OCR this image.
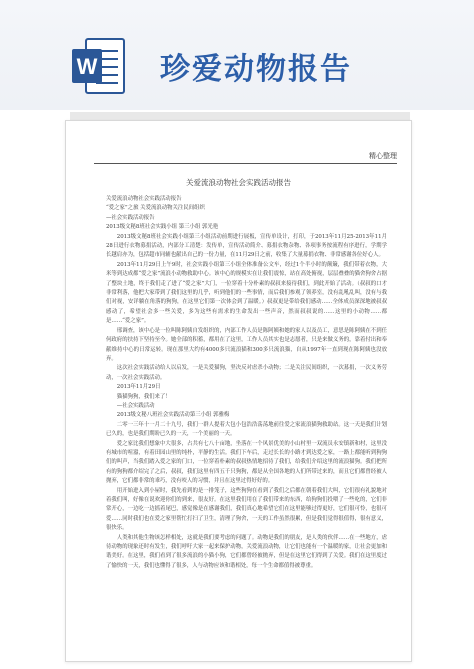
W 珍爱动物报告
精心整理
关爱流浪动物社会实践活动报告

关爱流浪动物社会实践活动报告

“爱之家”之旅 关爱流浪动物关注民间组织

—社会实践活动报告

2013级文秘8班社会实践小组 第三小组 郭光艳

2013级文秘8班社会实践小组第三小组活动前期进行展板，宣传单设计，打印，于2013年11月25-2013年11月28日进行衣物募捐活动，内部分工清楚：发传单，宣传活动简介、募捐衣物杂物、各项事务按流程有序进行，学期学长越肩亦为，包括超市同辅也献出自己的一份力量，在11月29日之前，收集了大量募捐衣物、非常感谢各位好心人。

2013年11月29日上午9时，社会实践小组第三小组全体准备公文车，经过1个半小时的颠簸，我们带着衣物，大米等到达成都“爱之家”流浪小动物救助中心。该中心的规模实在让我们震惊，站在高处俯视，层层叠叠的猫舍狗舍占据了整块土地，终于我们走了进了“爱之家”大门，一位穿着十分朴素的叔叔来接待我们，到此开始了活动。（叔叔的口才非常利落，他把大家带到了我们这里的几乎，听到他们的一些事情，而后我们参观了领养室，没有乱吼乱叫，没有与我们对视，安详躺在角落的狗狗，在这里它们第一次体会到了温暖。）叔叔更是带给我们感动……全体成员深深地被叔叔感动了，希望社会多一些关爱，多为这些有需求的生命发出一些声音，然而叔叔说的……这里的小动物……都是……“爱之家”。

邢调查，该中心是一位叫陈阿姨自发组织的，内部工作人员是陈阿姨和她的家人以及员工，意思是陈阿姨在不到任何政府的扶持下坚持至今。她全部的积蓄，都用在了这里，工作人员其实也是志愿者，只是来做义务的，靠着付出和奉献维持中心的日常运转。现在那里大约有4000多只流浪猫和300多只流浪猫，自从1997年一直到现在陈阿姨也没放弃。

这次社会实践活动给人以启发，一是关爱猫狗，坚决反对虐杀小动物；二是关注民间组织，一次募捐，一次义务劳动，一次社会实践活动。

2013年11月29日

猫猫狗狗，我们来了！

—社会实践活动

2013级文秘八班社会实践活动第三小组 郭雅梅

二零一三年十一月二十九号，我们一群人提着大包小包浩浩荡荡地前往爱之家流浪猫狗救助站。这一天是我们计划已久的，也是我们期盼已久的一天，一个美丽的一天。

爱之家比我们想象中大很多，占共有七八十亩地，坐落在一个风景优美的小山村里一双流员永安镇新和村，这里没有城市的喧嚣，有着田园山里的纯朴，平静的生活。我们下车后，走过长长的小路才到达爱之家，一路上都能听到狗狗们的叫声，当我们踏入爱之家的门口，一位穿着朴素的叔叔热情地招待了我们，给我们介绍这里的流浪猫狗。我们把所有的狗狗都介绍完了之后，叔叔，我们这里有四五千只狗狗，都是从全国各地的人们所带过来的，而且它们都曾经被人抛弃，它们都非常的乖巧，没有咬人的习惯，并且在这里过得好好的。

用开始进入到小屋时，我先看到的是一排笼子，这些狗狗在看到了我们之后都在朝着我们大叫，它们很有礼貌地对着我们叫，好像在说欢迎你们的到来，很友好。在这里我们用在了我们带来的东西，给狗狗们投喂了一些吃的，它们非常开心，一边吃一边摇着尾巴，感觉像是在感谢我们，我们真心地希望它们在这里能够过得更好，它们很可怜，也很可爱……同时我们也在爱之家里帮忙打扫了卫生，清理了狗舍，一天的工作虽然很累，但是我们觉得很值得，很有意义，很快乐。

人类和其他生物该怎样相处，这就是我们要考虑的问题了。动物是我们的朋友，是人类的伙伴……在一些地方，虐待动物的现象还时有发生，我们呼吁大家一起来保护动物，关爱流浪动物，让它们也能有一个温暖的家，让社会更加和谐美好。在这里，我们看到了很多流浪的小猫小狗，它们都曾经被抛弃，但是在这里它们得到了关爱。我们在这里度过了愉快的一天，我们也懂得了很多，人与动物应该和谐相处，每一个生命都值得被尊重。
